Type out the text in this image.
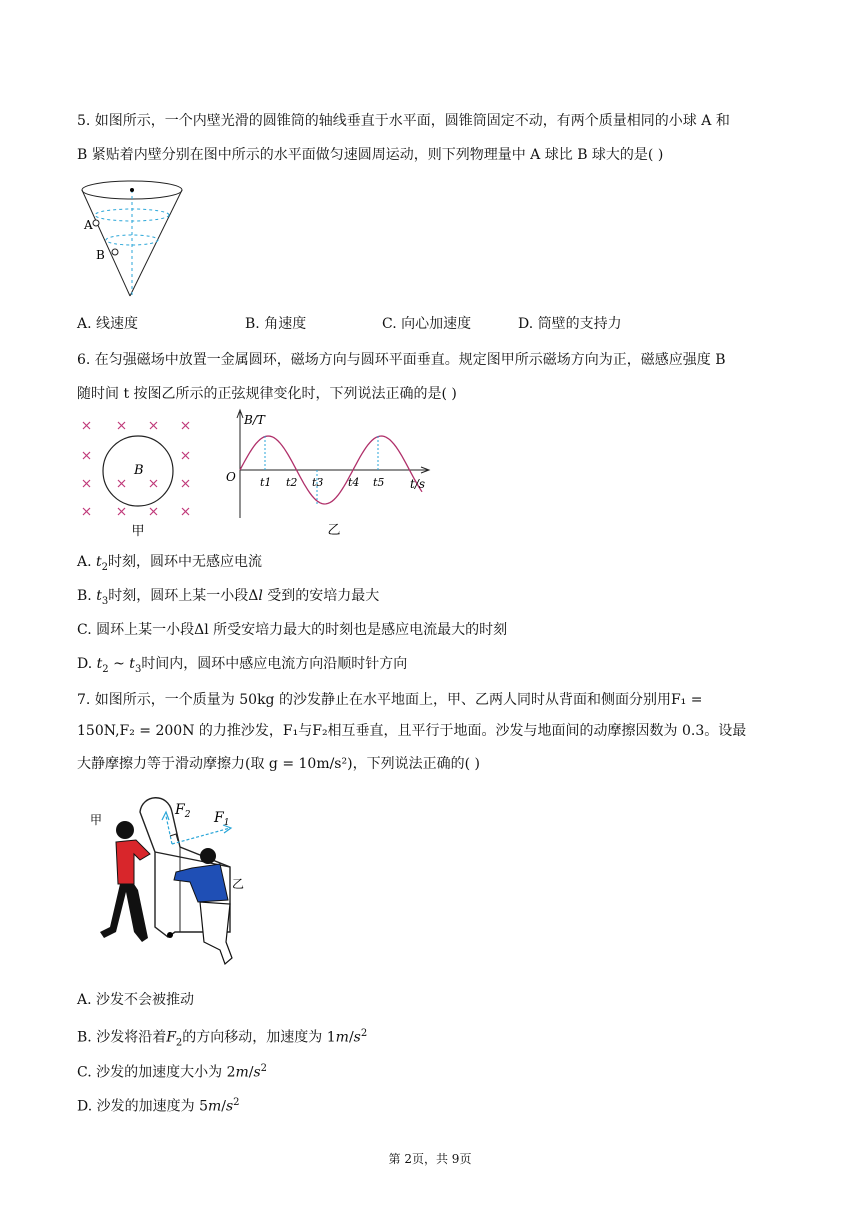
5. 如图所示，一个内壁光滑的圆锥筒的轴线垂直于水平面，圆锥筒固定不动，有两个质量相同的小球 A 和
B 紧贴着内壁分别在图中所示的水平面做匀速圆周运动，则下列物理量中 A 球比 B 球大的是( )
A
B
A. 线速度	B. 角速度	C. 向心加速度	D. 筒壁的支持力
6. 在匀强磁场中放置一金属圆环，磁场方向与圆环平面垂直。规定图甲所示磁场方向为正，磁感应强度 B
随时间 t 按图乙所示的正弦规律变化时，下列说法正确的是( )
B
甲
B/T
O	t/s
t1 t2 t3 t4 t5
乙
A. $t_2$时刻，圆环中无感应电流
B. $t_3$时刻，圆环上某一小段Δl 受到的安培力最大
C. 圆环上某一小段Δl 所受安培力最大的时刻也是感应电流最大的时刻
D. $t_2$ ~ $t_3$时间内，圆环中感应电流方向沿顺时针方向
7. 如图所示，一个质量为 50kg 的沙发静止在水平地面上，甲、乙两人同时从背面和侧面分别用F₁ =
150N,F₂ = 200N 的力推沙发，F₁与F₂相互垂直，且平行于地面。沙发与地面间的动摩擦因数为 0.3。设最
大静摩擦力等于滑动摩擦力(取 g = 10m/s²)，下列说法正确的( )
$F_2$ $F_1$
甲
乙
A. 沙发不会被推动
B. 沙发将沿着$F_2$的方向移动，加速度为 $1m/s^2$
C. 沙发的加速度大小为 $2m/s^2$
D. 沙发的加速度为 $5m/s^2$
第 2页，共 9页
